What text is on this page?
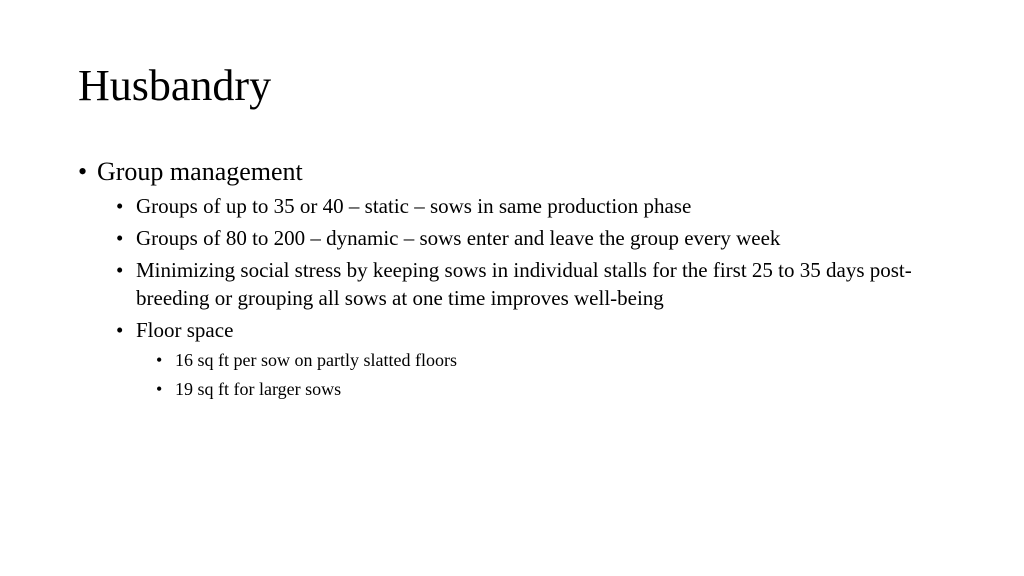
Husbandry
• Group management
• Groups of up to 35 or 40 – static – sows in same production phase
• Groups of 80 to 200 – dynamic – sows enter and leave the group every week
• Minimizing social stress by keeping sows in individual stalls for the first 25 to 35 days post-breeding or grouping all sows at one time improves well-being
• Floor space
• 16 sq ft per sow on partly slatted floors
• 19 sq ft for larger sows
